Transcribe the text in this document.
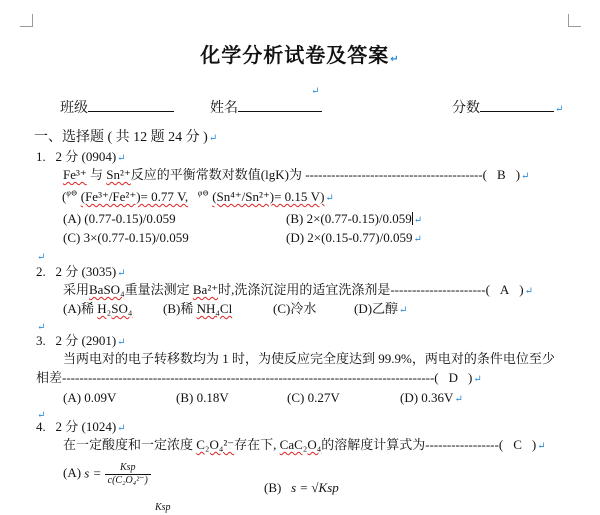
化学分析试卷及答案↵
↵
班级	姓名	分数	↵
一、选择题 ( 共 12 题 24 分 )↵
1. 2 分 (0904)↵
Fe³⁺ 与 Sn²⁺反应的平衡常数对数值(lgK)为 -----------------------------------------( B )↵
($^{\varphi⊖}$ (Fe³⁺/Fe²⁺)= 0.77 V, $^{\varphi⊖}$ (Sn⁴⁺/Sn²⁺)= 0.15 V)↵
(A) (0.77-0.15)/0.059	(B) 2×(0.77-0.15)/0.059 ↵
(C) 3×(0.77-0.15)/0.059	(D) 2×(0.15-0.77)/0.059↵
↵
2. 2 分 (3035)↵
采用BaSO₄重量法测定 Ba²⁺时,洗涤沉淀用的适宜洗涤剂是----------------------( A )↵
(A)稀 H₂SO₄ (B)稀 NH₄Cl	(C)冷水	(D)乙醇↵
↵
3. 2 分 (2901)↵
当两电对的电子转移数均为 1 时，为使反应完全度达到 99.9%，两电对的条件电位至少
相差--------------------------------------------------------------------------------------( D )↵
(A) 0.09V	(B) 0.18V	(C) 0.27V	(D) 0.36V↵
↵
4. 2 分 (1024)↵
在一定酸度和一定浓度 C₂O₄²⁻存在下, CaC₂O₄的溶解度计算式为-----------------( C )↵
(A) $s = \frac{\text{Ksp}}{\text{c(C₂O₄²⁻)}}$
(B) s = √Ksp
Ksp
